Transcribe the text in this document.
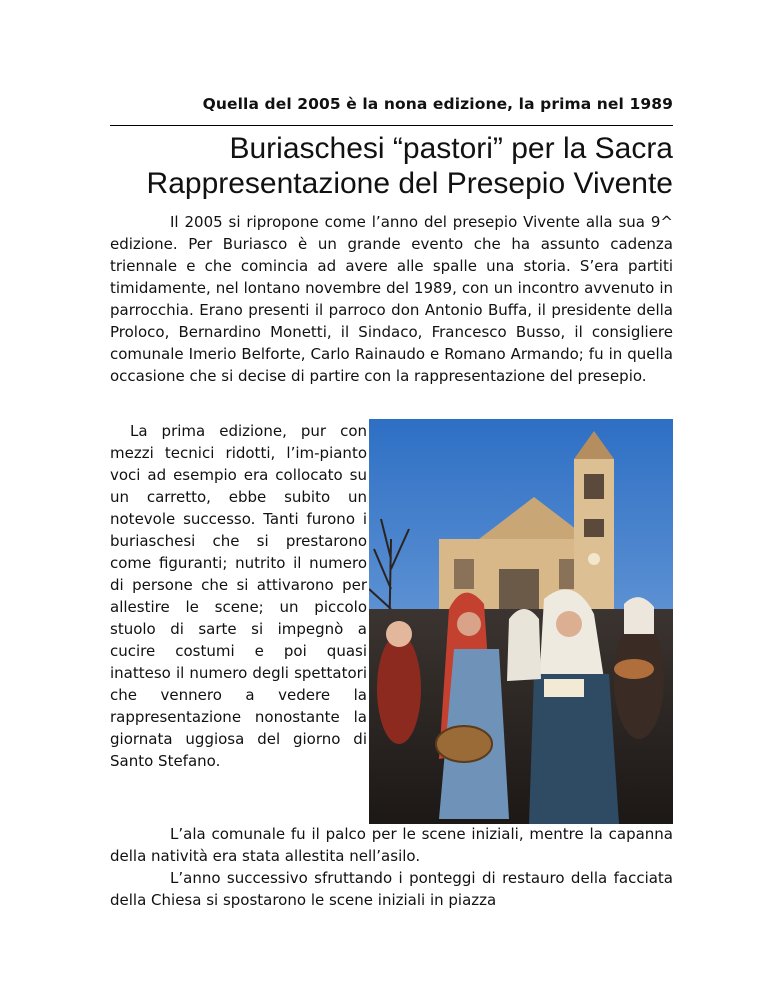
Quella del 2005 è la nona edizione, la prima nel 1989
Buriaschesi “pastori” per la Sacra
Rappresentazione del Presepio Vivente

Il 2005 si ripropone come l’anno del presepio Vivente alla sua 9^ edizione. Per Buriasco è un grande evento che ha assunto cadenza triennale e che comincia ad avere alle spalle una storia. S’era partiti timidamente, nel lontano novembre del 1989, con un incontro avvenuto in parrocchia. Erano presenti il parroco don Antonio Buffa, il presidente della Proloco, Bernardino Monetti, il Sindaco, Francesco Busso, il consigliere comunale Imerio Belforte, Carlo Rainaudo e Romano Armando; fu in quella occasione che si decise di partire con la rappresentazione del presepio.

La prima edizione, pur con mezzi tecnici ridotti, l’im-pianto voci ad esempio era collocato su un carretto, ebbe subito un notevole successo. Tanti furono i buriaschesi che si prestarono come figuranti; nutrito il numero di persone che si attivarono per allestire le scene; un piccolo stuolo di sarte si impegnò a cucire costumi e poi quasi inatteso il numero degli spettatori che vennero a vedere la rappresentazione nonostante la giornata uggiosa del giorno di Santo Stefano.

L’ala comunale fu il palco per le scene iniziali, mentre la capanna della natività era stata allestita nell’asilo.

L’anno successivo sfruttando i ponteggi di restauro della facciata della Chiesa si spostarono le scene iniziali in piazza
